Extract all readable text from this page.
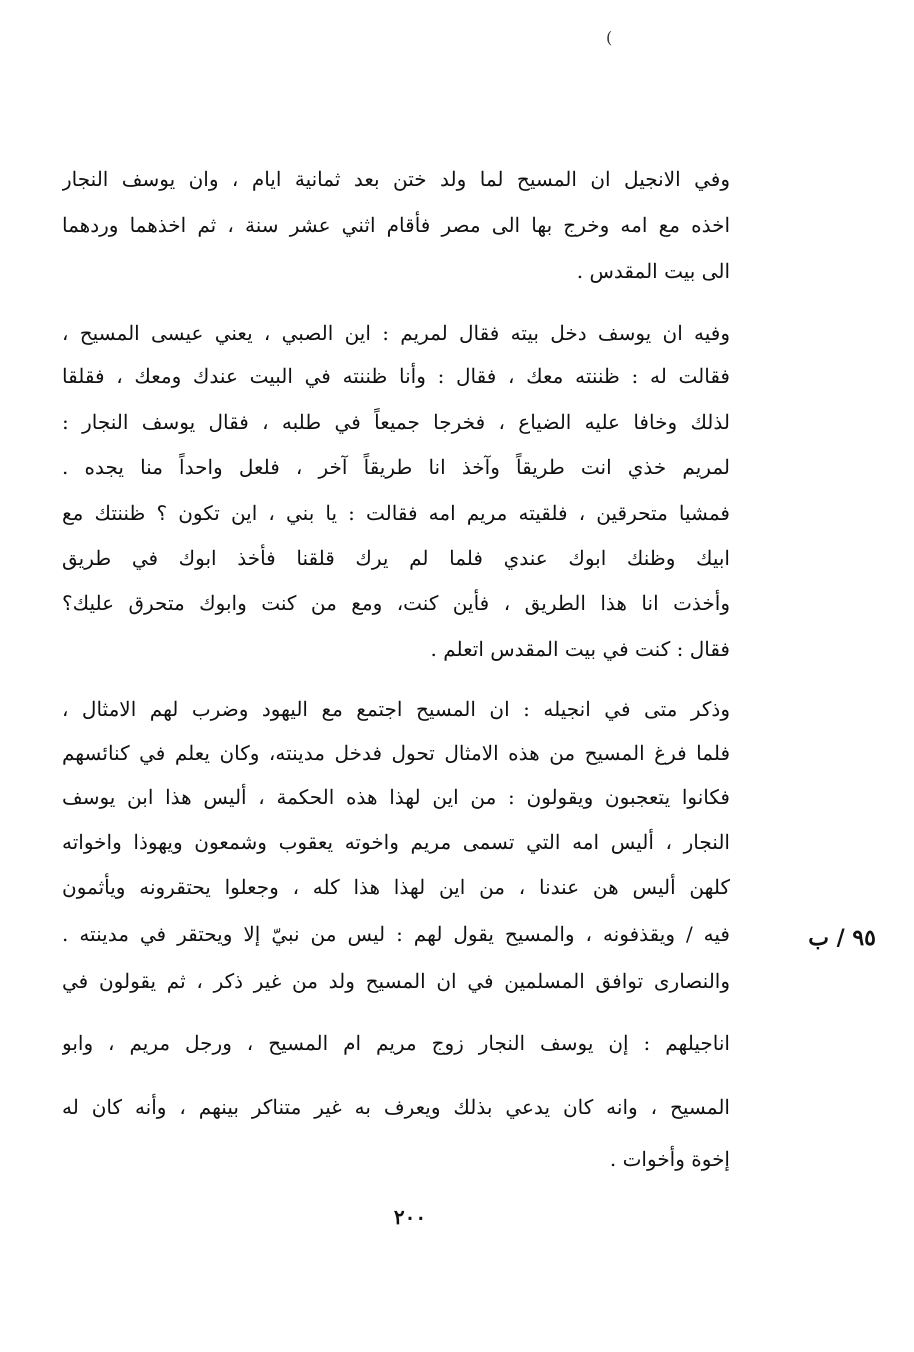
(
وفي الانجيل ان المسيح لما ولد ختن بعد ثمانية ايام ، وان يوسف النجار
اخذه مع امه وخرج بها الى مصر فأقام اثني عشر سنة ، ثم اخذهما وردهما
الى بيت المقدس .
وفيه ان يوسف دخل بيته فقال لمريم : اين الصبي ، يعني عيسى المسيح ،
فقالت له : ظننته معك ، فقال : وأنا ظننته في البيت عندك ومعك ، فقلقا
لذلك وخافا عليه الضياع ، فخرجا جميعاً في طلبه ، فقال يوسف النجار :
لمريم خذي انت طريقاً وآخذ انا طريقاً آخر ، فلعل واحداً منا يجده .
فمشيا متحرقين ، فلقيته مريم امه فقالت : يا بني ، اين تكون ؟ ظننتك مع
ابيك وظنك ابوك عندي فلما لم يرك قلقنا فأخذ ابوك في طريق
وأخذت انا هذا الطريق ، فأين كنت، ومع من كنت وابوك متحرق عليك؟
فقال : كنت في بيت المقدس اتعلم .
وذكر متى في انجيله : ان المسيح اجتمع مع اليهود وضرب لهم الامثال ،
فلما فرغ المسيح من هذه الامثال تحول فدخل مدينته، وكان يعلم في كنائسهم
فكانوا يتعجبون ويقولون : من اين لهذا هذه الحكمة ، أليس هذا ابن يوسف
النجار ، أليس امه التي تسمى مريم واخوته يعقوب وشمعون ويهوذا واخواته
كلهن أليس هن عندنا ، من اين لهذا هذا كله ، وجعلوا يحتقرونه ويأثمون
فيه / ويقذفونه ، والمسيح يقول لهم : ليس من نبيّ إلا ويحتقر في مدينته .
والنصارى توافق المسلمين في ان المسيح ولد من غير ذكر ، ثم يقولون في
اناجيلهم : إن يوسف النجار زوج مريم ام المسيح ، ورجل مريم ، وابو
المسيح ، وانه كان يدعي بذلك ويعرف به غير متناكر بينهم ، وأنه كان له
إخوة وأخوات .
٩٥ / ب
٢٠٠
